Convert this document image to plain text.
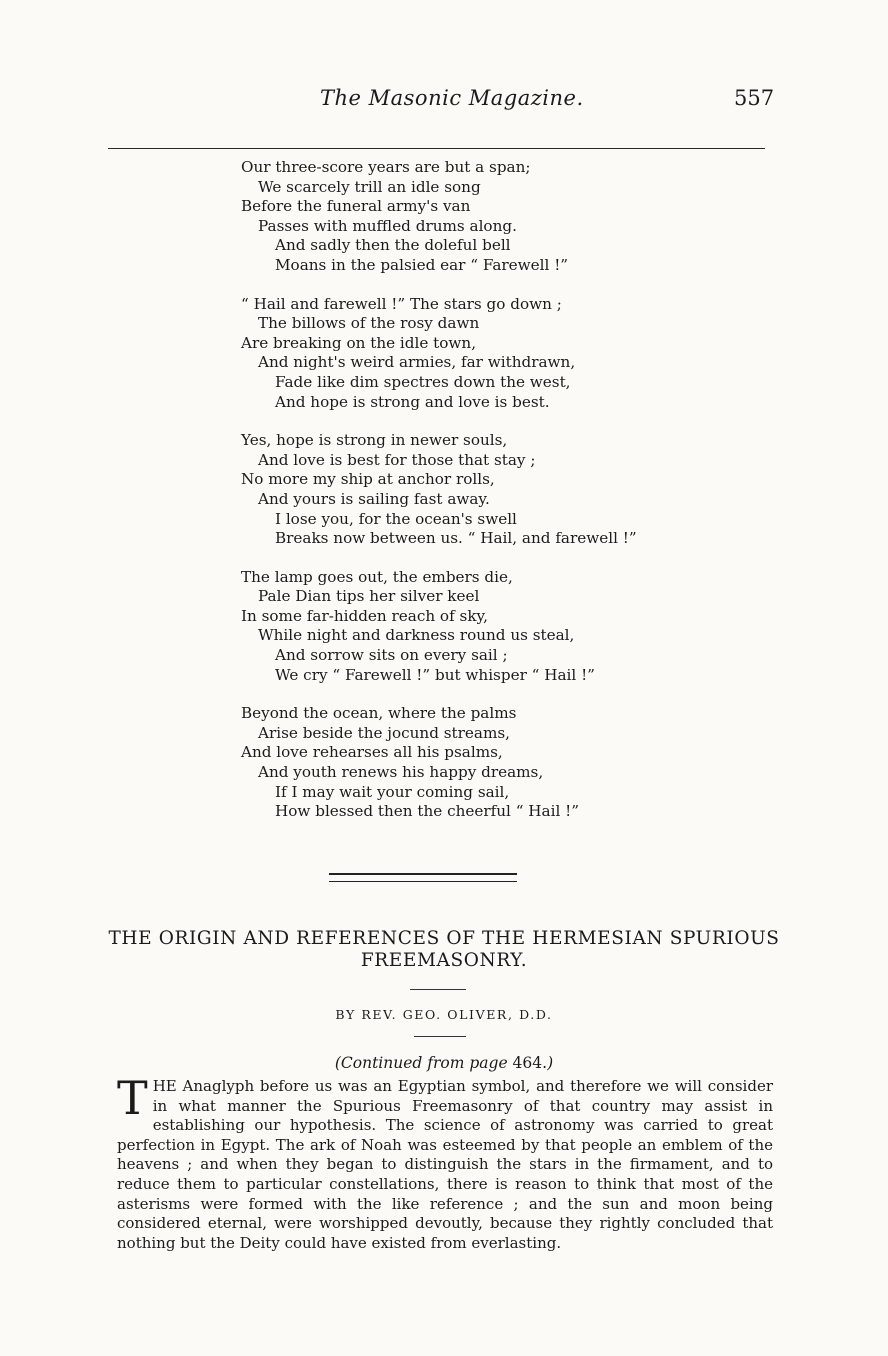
The Masonic Magazine.	557
Our three-score years are but a span;
We scarcely trill an idle song
Before the funeral army's van
Passes with muffled drums along.
And sadly then the doleful bell
Moans in the palsied ear “ Farewell !”
“ Hail and farewell !” The stars go down ;
The billows of the rosy dawn
Are breaking on the idle town,
And night's weird armies, far withdrawn,
Fade like dim spectres down the west,
And hope is strong and love is best.
Yes, hope is strong in newer souls,
And love is best for those that stay ;
No more my ship at anchor rolls,
And yours is sailing fast away.
I lose you, for the ocean's swell
Breaks now between us. “ Hail, and farewell !”
The lamp goes out, the embers die,
Pale Dian tips her silver keel
In some far-hidden reach of sky,
While night and darkness round us steal,
And sorrow sits on every sail ;
We cry “ Farewell !” but whisper “ Hail !”
Beyond the ocean, where the palms
Arise beside the jocund streams,
And love rehearses all his psalms,
And youth renews his happy dreams,
If I may wait your coming sail,
How blessed then the cheerful “ Hail !”
THE ORIGIN AND REFERENCES OF THE HERMESIAN SPURIOUS
FREEMASONRY.
BY REV. GEO. OLIVER, D.D.
(Continued from page 464.)
THE Anaglyph before us was an Egyptian symbol, and therefore we will consider in what manner the Spurious Freemasonry of that country may assist in establishing our hypothesis. The science of astronomy was carried to great perfection in Egypt. The ark of Noah was esteemed by that people an emblem of the heavens ; and when they began to distinguish the stars in the firmament, and to reduce them to particular constellations, there is reason to think that most of the asterisms were formed with the like reference ; and the sun and moon being considered eternal, were worshipped devoutly, because they rightly concluded that nothing but the Deity could have existed from everlasting.
